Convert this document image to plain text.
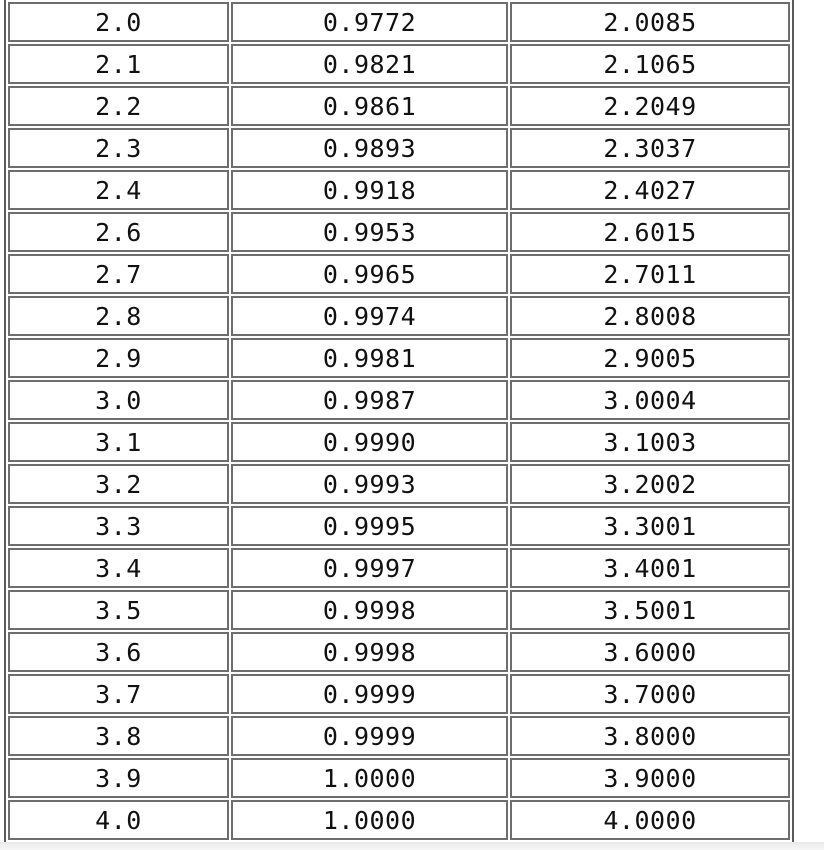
2.0	0.9772	2.0085
2.1	0.9821	2.1065
2.2	0.9861	2.2049
2.3	0.9893	2.3037
2.4	0.9918	2.4027
2.6	0.9953	2.6015
2.7	0.9965	2.7011
2.8	0.9974	2.8008
2.9	0.9981	2.9005
3.0	0.9987	3.0004
3.1	0.9990	3.1003
3.2	0.9993	3.2002
3.3	0.9995	3.3001
3.4	0.9997	3.4001
3.5	0.9998	3.5001
3.6	0.9998	3.6000
3.7	0.9999	3.7000
3.8	0.9999	3.8000
3.9	1.0000	3.9000
4.0	1.0000	4.0000
